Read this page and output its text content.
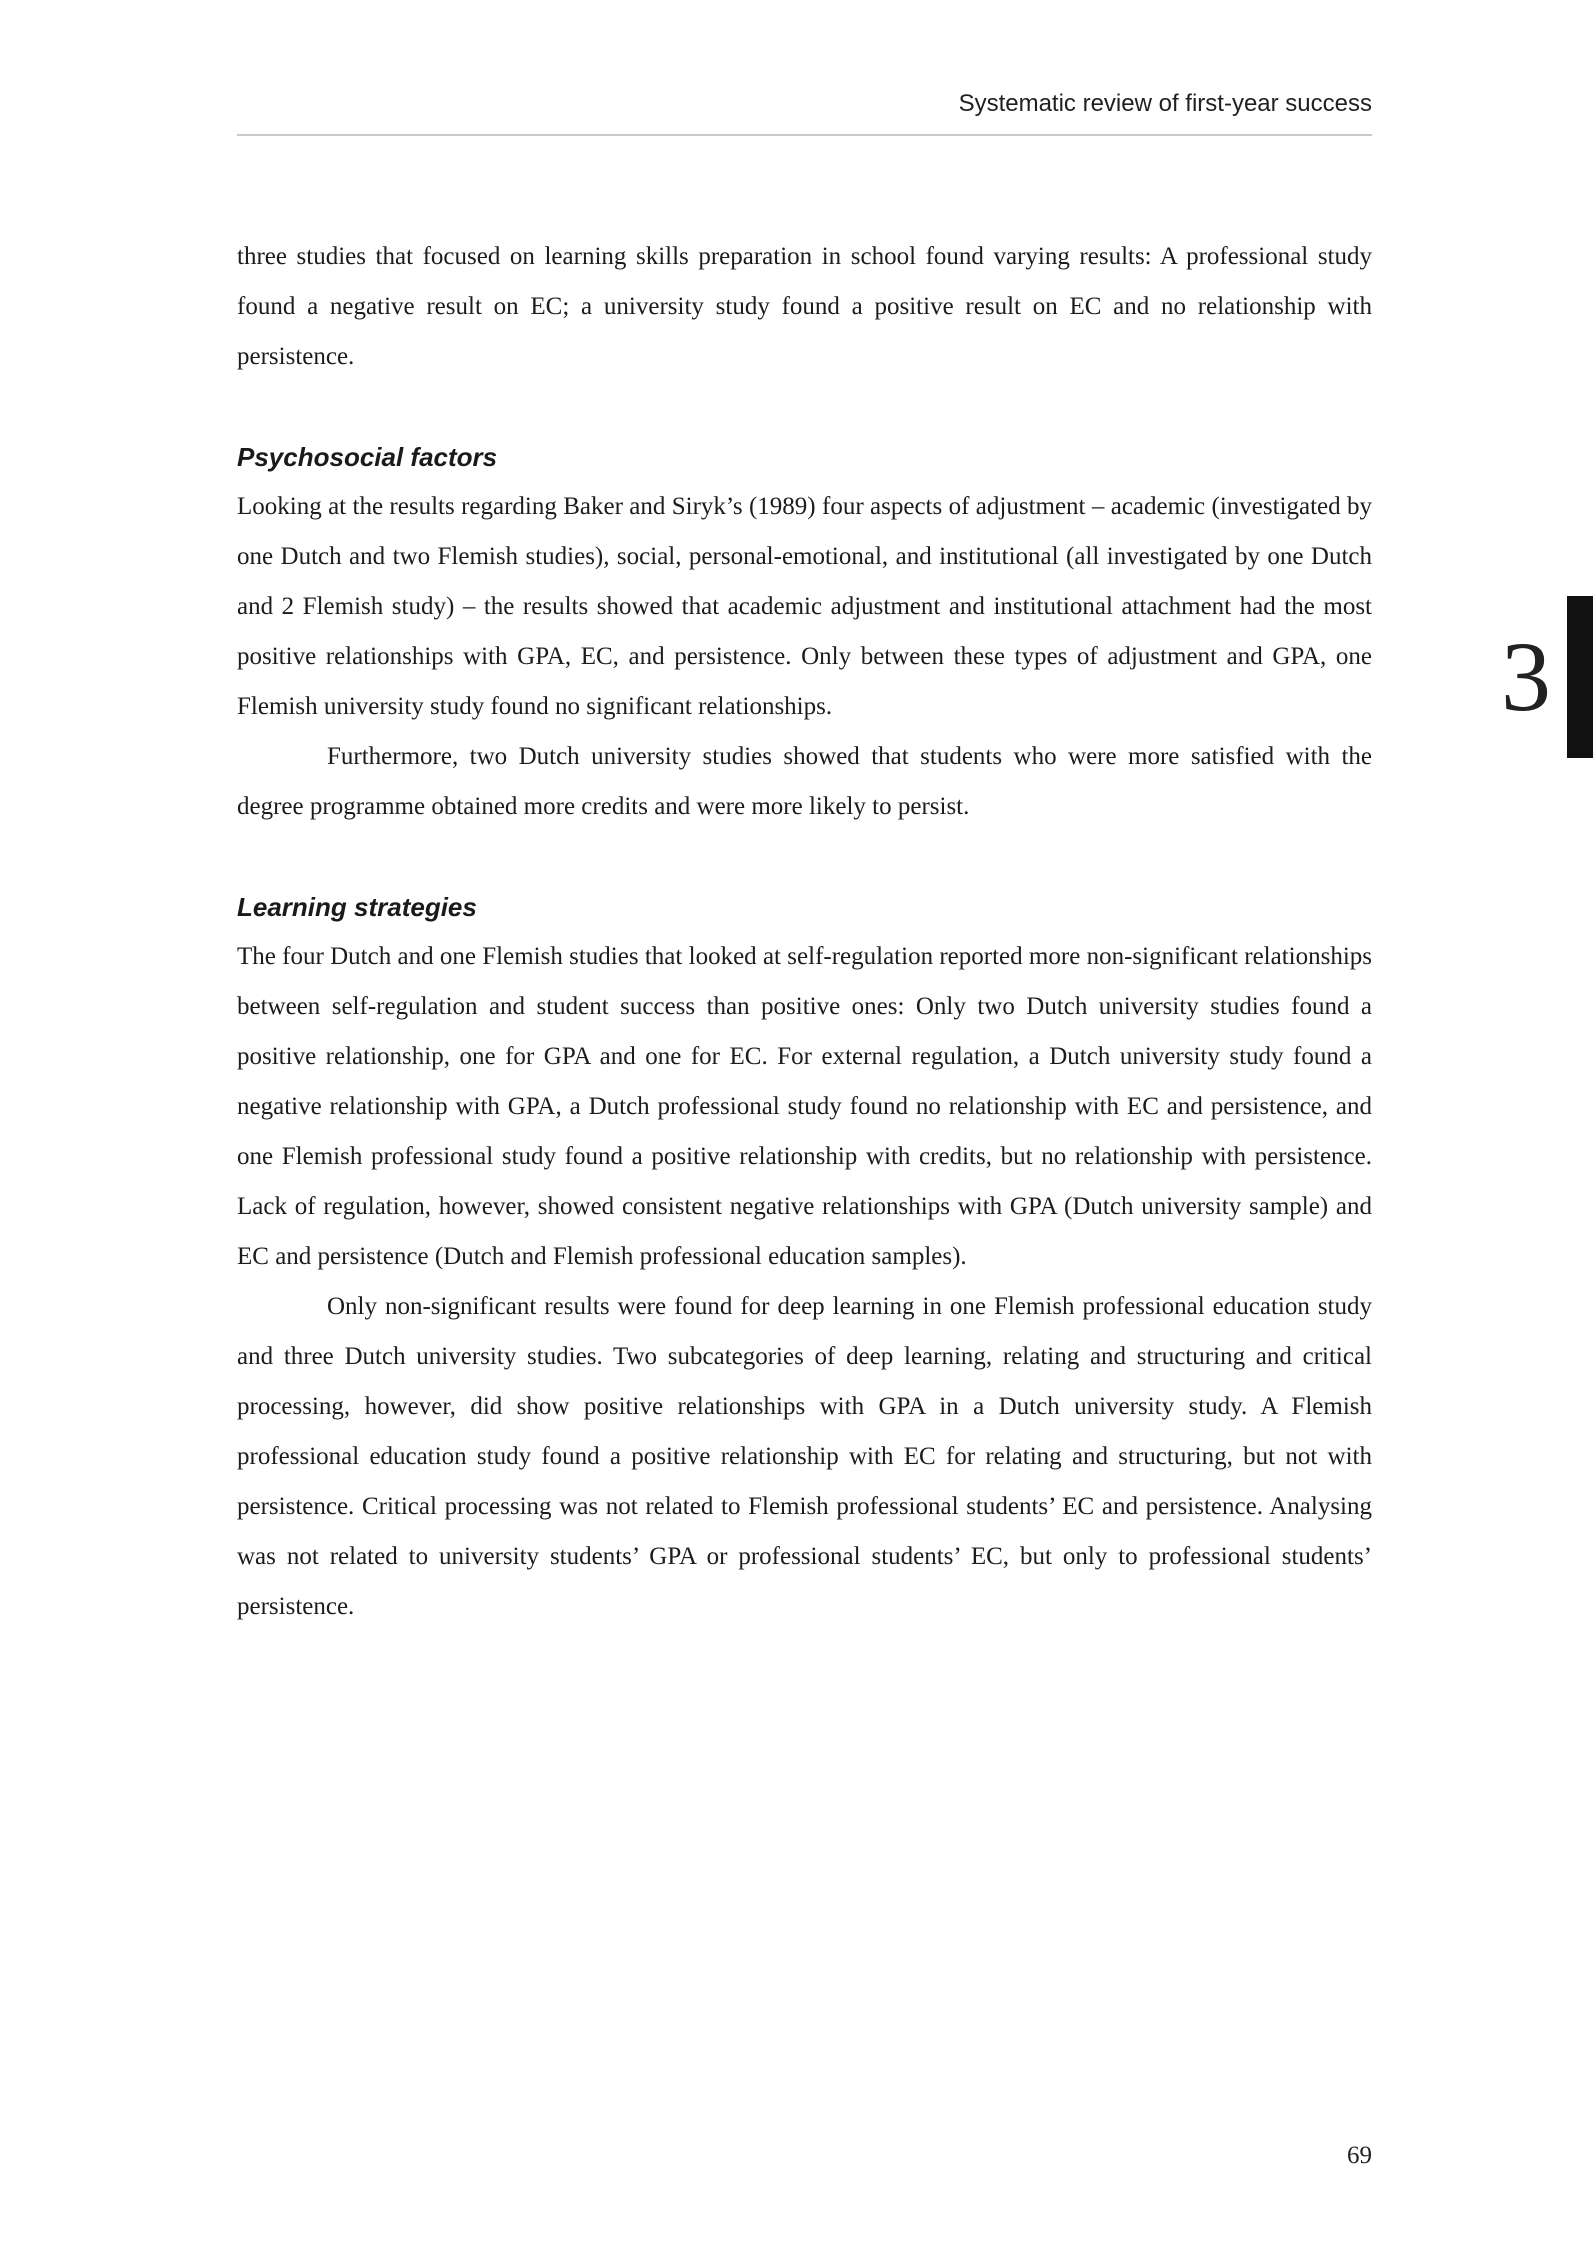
Systematic review of first-year success

three studies that focused on learning skills preparation in school found varying results: A professional study found a negative result on EC; a university study found a positive result on EC and no relationship with persistence.

Psychosocial factors

Looking at the results regarding Baker and Siryk’s (1989) four aspects of adjustment – academic (investigated by one Dutch and two Flemish studies), social, personal-emotional, and institutional (all investigated by one Dutch and 2 Flemish study) – the results showed that academic adjustment and institutional attachment had the most positive relationships with GPA, EC, and persistence. Only between these types of adjustment and GPA, one Flemish university study found no significant relationships.

Furthermore, two Dutch university studies showed that students who were more satisfied with the degree programme obtained more credits and were more likely to persist.

Learning strategies

The four Dutch and one Flemish studies that looked at self-regulation reported more non-significant relationships between self-regulation and student success than positive ones: Only two Dutch university studies found a positive relationship, one for GPA and one for EC. For external regulation, a Dutch university study found a negative relationship with GPA, a Dutch professional study found no relationship with EC and persistence, and one Flemish professional study found a positive relationship with credits, but no relationship with persistence. Lack of regulation, however, showed consistent negative relationships with GPA (Dutch university sample) and EC and persistence (Dutch and Flemish professional education samples).

Only non-significant results were found for deep learning in one Flemish professional education study and three Dutch university studies. Two subcategories of deep learning, relating and structuring and critical processing, however, did show positive relationships with GPA in a Dutch university study. A Flemish professional education study found a positive relationship with EC for relating and structuring, but not with persistence. Critical processing was not related to Flemish professional students’ EC and persistence. Analysing was not related to university students’ GPA or professional students’ EC, but only to professional students’ persistence.

3
69
